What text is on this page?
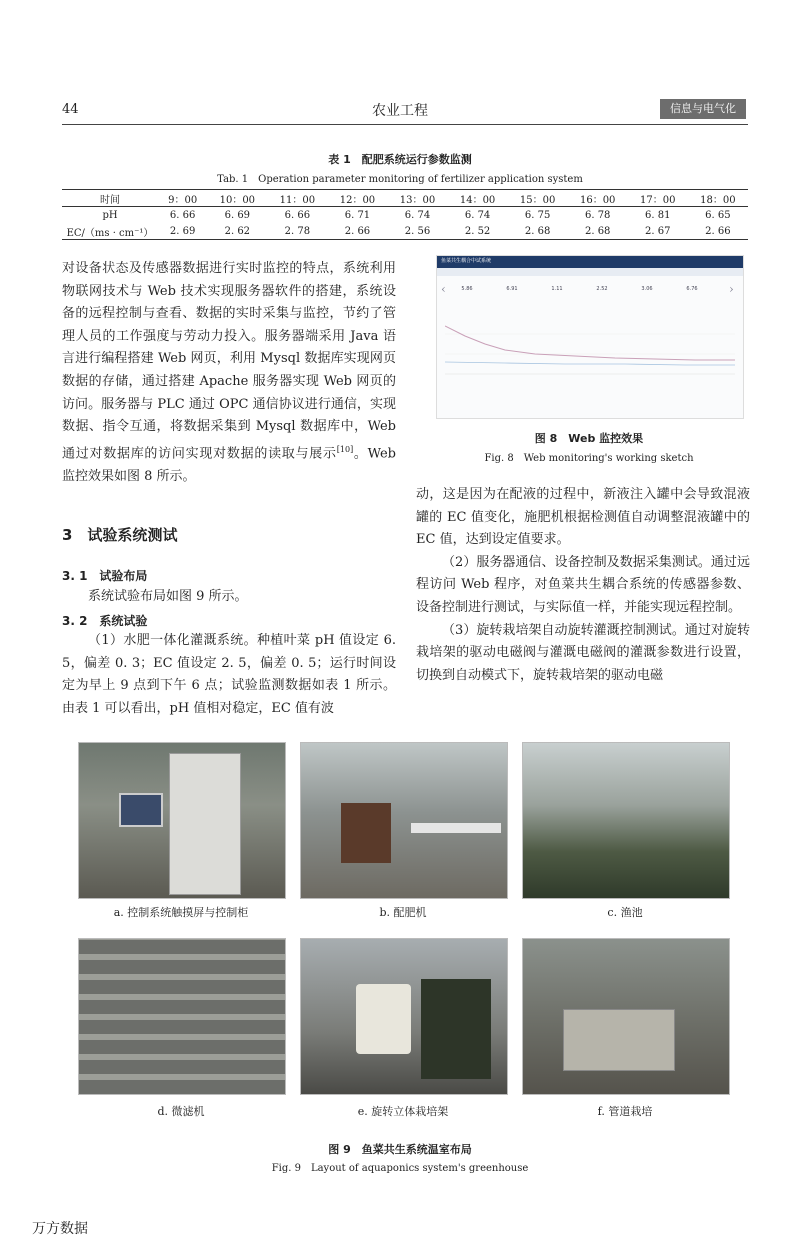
44	农业工程	信息与电气化
表 1　配肥系统运行参数监测
Tab. 1　Operation parameter monitoring of fertilizer application system
时间	9：00	10：00	11：00	12：00	13：00	14：00	15：00	16：00	17：00	18：00
pH	6. 66	6. 69	6. 66	6. 71	6. 74	6. 74	6. 75	6. 78	6. 81	6. 65
EC/（ms · cm⁻¹）	2. 69	2. 62	2. 78	2. 66	2. 56	2. 52	2. 68	2. 68	2. 67	2. 66

对设备状态及传感器数据进行实时监控的特点，系统利用物联网技术与 Web 技术实现服务器软件的搭建，系统设备的远程控制与查看、数据的实时采集与监控，节约了管理人员的工作强度与劳动力投入。服务器端采用 Java 语言进行编程搭建 Web 网页，利用 Mysql 数据库实现网页数据的存储，通过搭建 Apache 服务器实现 Web 网页的访问。服务器与 PLC 通过 OPC 通信协议进行通信，实现数据、指令互通，将数据采集到 Mysql 数据库中，Web 通过对数据库的访问实现对数据的读取与展示[10]。Web 监控效果如图 8 所示。

3　试验系统测试
3. 1　试验布局

系统试验布局如图 9 所示。

3. 2　系统试验

（1）水肥一体化灌溉系统。种植叶菜 pH 值设定 6. 5，偏差 0. 3；EC 值设定 2. 5，偏差 0. 5；运行时间设定为早上 9 点到下午 6 点；试验监测数据如表 1 所示。由表 1 可以看出，pH 值相对稳定，EC 值有波

鱼菜共生耦合中试系统
‹	5.86	6.91	1.11	2.52	3.06	6.76	›
图 8　Web 监控效果
Fig. 8　Web monitoring's working sketch

动，这是因为在配液的过程中，新液注入罐中会导致混液罐的 EC 值变化，施肥机根据检测值自动调整混液罐中的 EC 值，达到设定值要求。

（2）服务器通信、设备控制及数据采集测试。通过远程访问 Web 程序，对鱼菜共生耦合系统的传感器参数、设备控制进行测试，与实际值一样，并能实现远程控制。

（3）旋转栽培架自动旋转灌溉控制测试。通过对旋转栽培架的驱动电磁阀与灌溉电磁阀的灌溉参数进行设置，切换到自动模式下，旋转栽培架的驱动电磁

a. 控制系统触摸屏与控制柜	b. 配肥机	c. 渔池
d. 微滤机	e. 旋转立体栽培架	f. 管道栽培
图 9　鱼菜共生系统温室布局
Fig. 9　Layout of aquaponics system's greenhouse
万方数据
